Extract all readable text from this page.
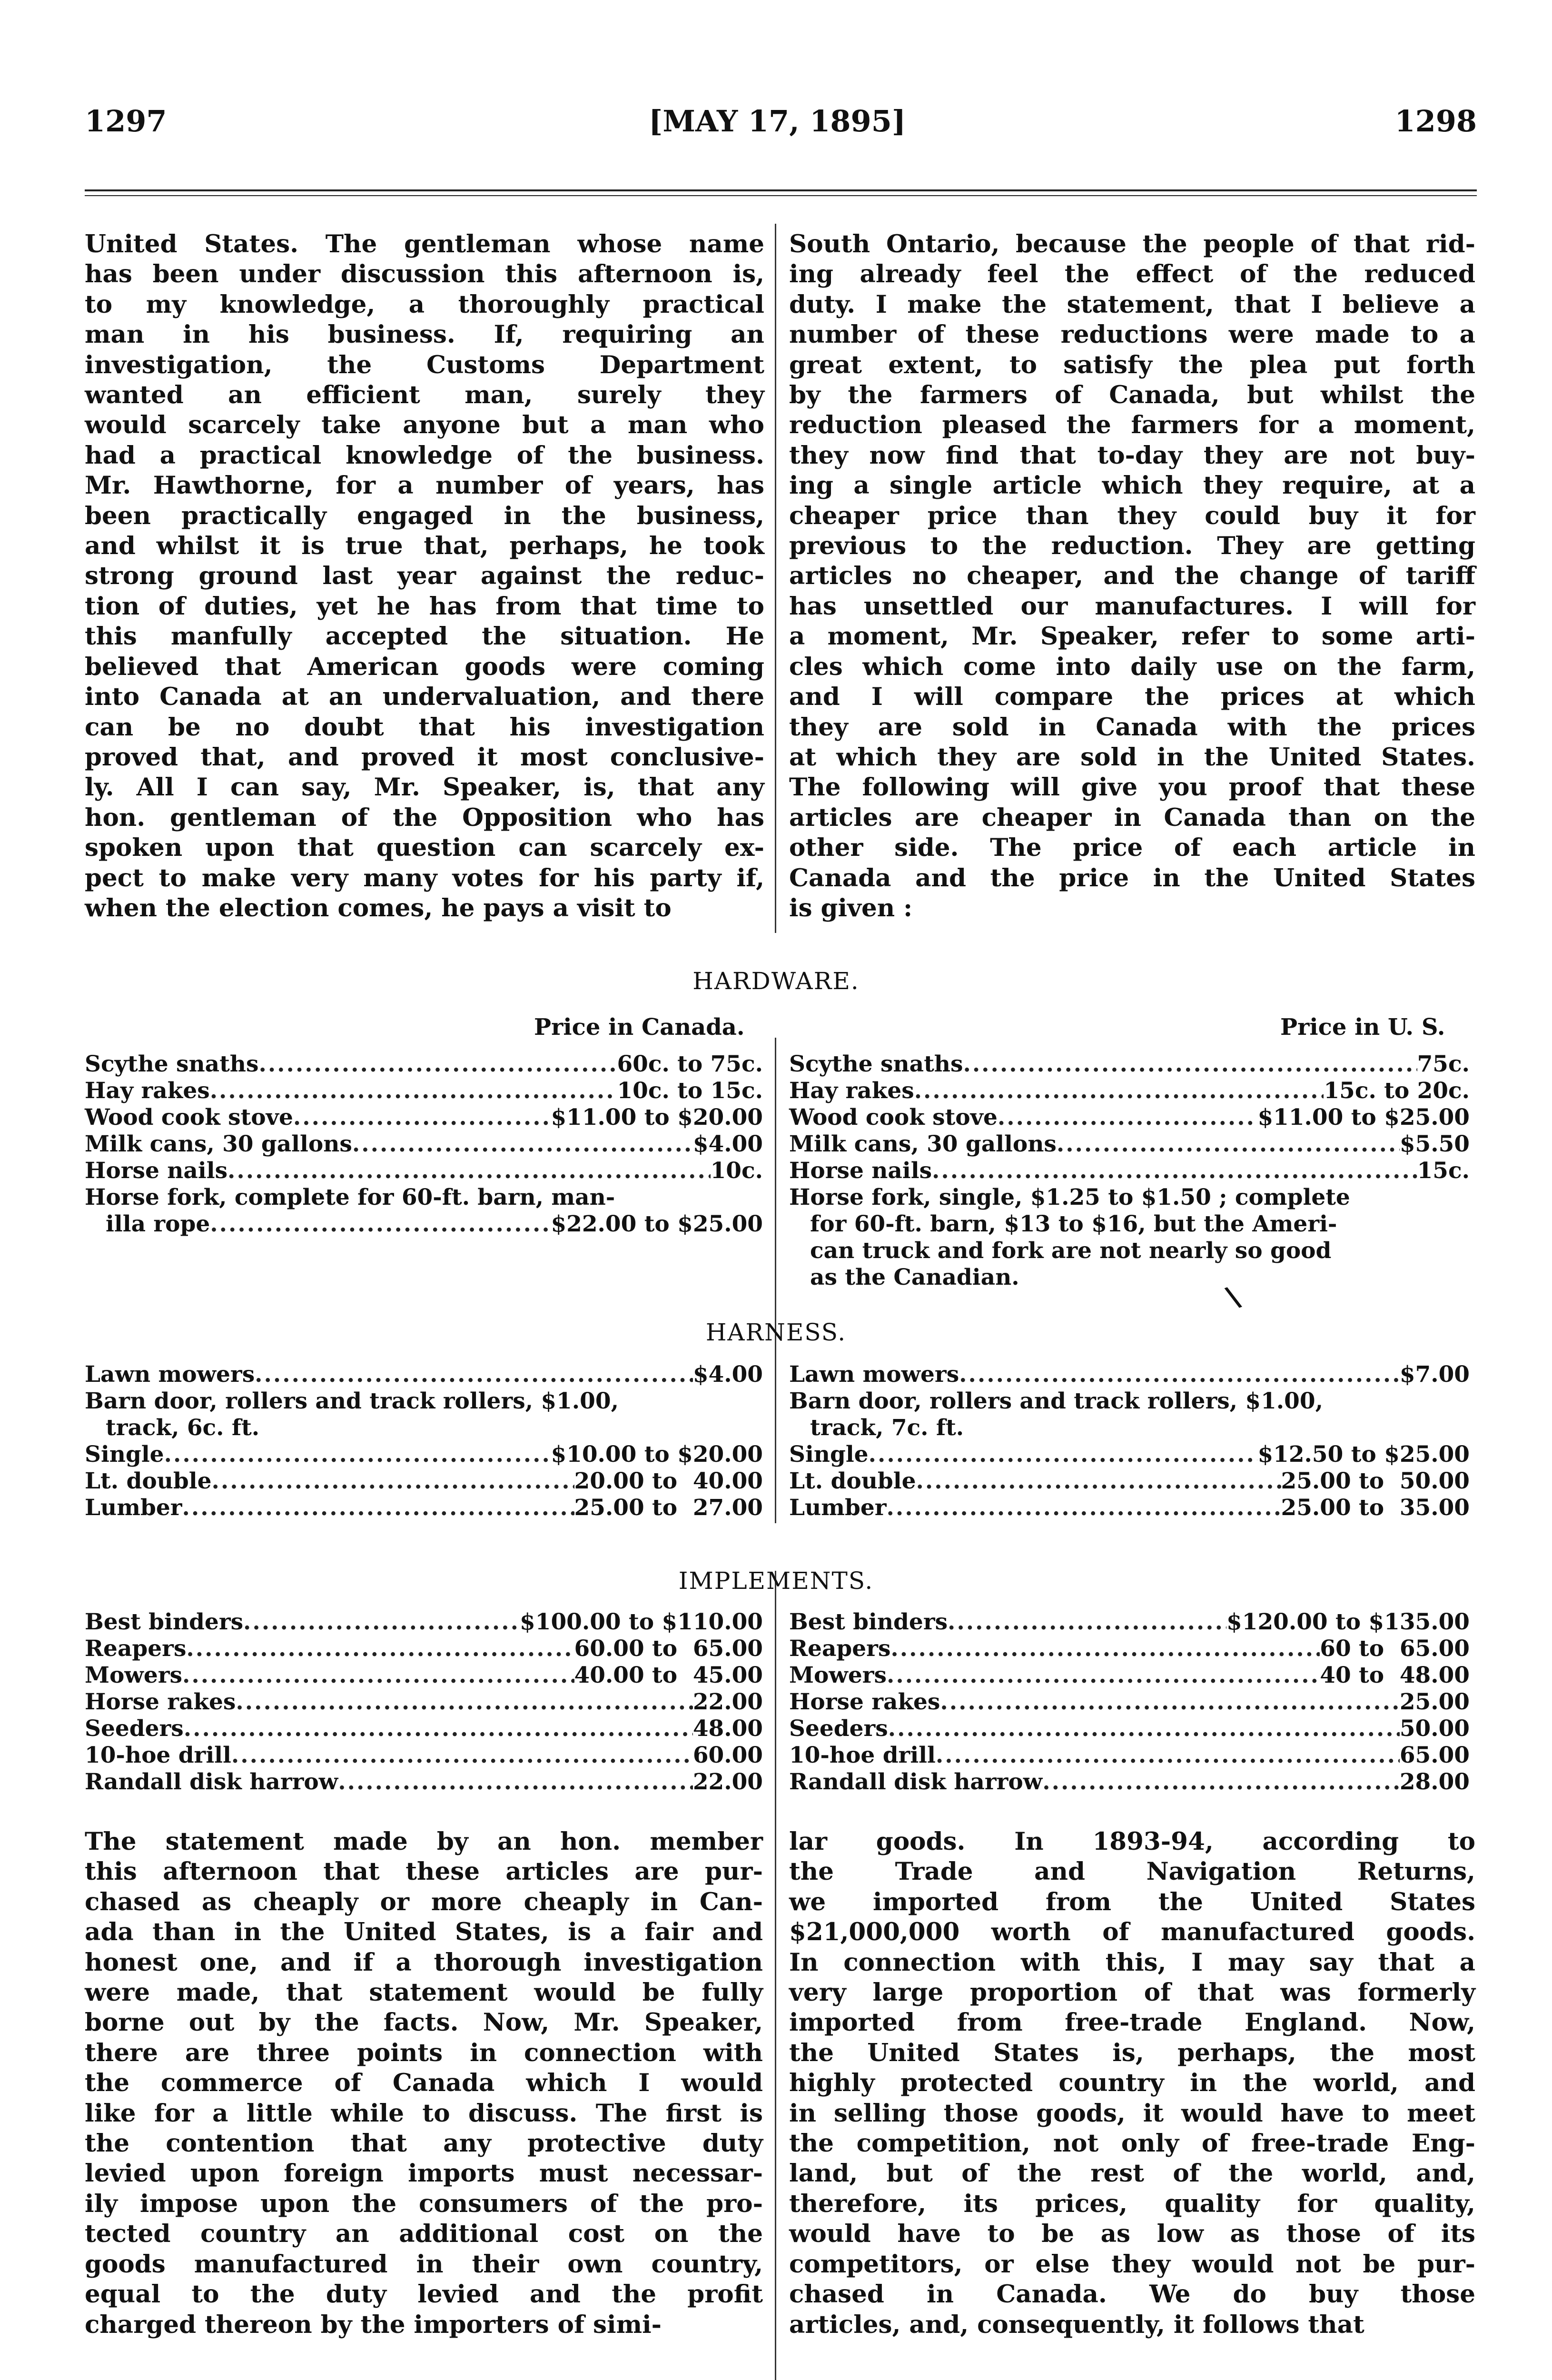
1297	[MAY 17, 1895]	1298
United States. The gentleman whose name
has been under discussion this afternoon is,
to my knowledge, a thoroughly practical
man in his business. If, requiring an
investigation, the Customs Department
wanted an efficient man, surely they
would scarcely take anyone but a man who
had a practical knowledge of the business.
Mr. Hawthorne, for a number of years, has
been practically engaged in the business,
and whilst it is true that, perhaps, he took
strong ground last year against the reduc-
tion of duties, yet he has from that time to
this manfully accepted the situation. He
believed that American goods were coming
into Canada at an undervaluation, and there
can be no doubt that his investigation
proved that, and proved it most conclusive-
ly. All I can say, Mr. Speaker, is, that any
hon. gentleman of the Opposition who has
spoken upon that question can scarcely ex-
pect to make very many votes for his party if,
when the election comes, he pays a visit to
South Ontario, because the people of that rid-
ing already feel the effect of the reduced
duty. I make the statement, that I believe a
number of these reductions were made to a
great extent, to satisfy the plea put forth
by the farmers of Canada, but whilst the
reduction pleased the farmers for a moment,
they now find that to-day they are not buy-
ing a single article which they require, at a
cheaper price than they could buy it for
previous to the reduction. They are getting
articles no cheaper, and the change of tariff
has unsettled our manufactures. I will for
a moment, Mr. Speaker, refer to some arti-
cles which come into daily use on the farm,
and I will compare the prices at which
they are sold in Canada with the prices
at which they are sold in the United States.
The following will give you proof that these
articles are cheaper in Canada than on the
other side. The price of each article in
Canada and the price in the United States
is given :
HARDWARE.
Price in Canada.	Price in U. S.
Scythe snaths .....	60c. to 75c.
Hay rakes .....	10c. to 15c.
Wood cook stove .....	$11.00 to $20.00
Milk cans, 30 gallons .....	$4.00
Horse nails .....	10c.
Horse fork, complete for 60-ft. barn, man-
illa rope .....	$22.00 to $25.00
Scythe snaths .....	75c.
Hay rakes .....	15c. to 20c.
Wood cook stove .....	$11.00 to $25.00
Milk cans, 30 gallons .....	$5.50
Horse nails .....	15c.
Horse fork, single, $1.25 to $1.50 ; complete
for 60-ft. barn, $13 to $16, but the Ameri-
can truck and fork are not nearly so good
as the Canadian.
\
HARNESS.
Lawn mowers .....	$4.00
Barn door, rollers and track rollers, $1.00,
track, 6c. ft.
Single .....	$10.00 to $20.00
Lt. double .....	20.00 to  40.00
Lumber .....	25.00 to  27.00
Lawn mowers .....	$7.00
Barn door, rollers and track rollers, $1.00,
track, 7c. ft.
Single .....	$12.50 to $25.00
Lt. double .....	25.00 to  50.00
Lumber .....	25.00 to  35.00
IMPLEMENTS.
Best binders .....	$100.00 to $110.00
Reapers .....	60.00 to  65.00
Mowers .....	40.00 to  45.00
Horse rakes .....	22.00
Seeders .....	48.00
10-hoe drill .....	60.00
Randall disk harrow .....	22.00
Best binders .....	$120.00 to $135.00
Reapers .....	60 to  65.00
Mowers .....	40 to  48.00
Horse rakes .....	25.00
Seeders .....	50.00
10-hoe drill .....	65.00
Randall disk harrow .....	28.00
The statement made by an hon. member
this afternoon that these articles are pur-
chased as cheaply or more cheaply in Can-
ada than in the United States, is a fair and
honest one, and if a thorough investigation
were made, that statement would be fully
borne out by the facts. Now, Mr. Speaker,
there are three points in connection with
the commerce of Canada which I would
like for a little while to discuss. The first is
the contention that any protective duty
levied upon foreign imports must necessar-
ily impose upon the consumers of the pro-
tected country an additional cost on the
goods manufactured in their own country,
equal to the duty levied and the profit
charged thereon by the importers of simi-
lar goods. In 1893-94, according to
the Trade and Navigation Returns,
we imported from the United States
$21,000,000 worth of manufactured goods.
In connection with this, I may say that a
very large proportion of that was formerly
imported from free-trade England. Now,
the United States is, perhaps, the most
highly protected country in the world, and
in selling those goods, it would have to meet
the competition, not only of free-trade Eng-
land, but of the rest of the world, and,
therefore, its prices, quality for quality,
would have to be as low as those of its
competitors, or else they would not be pur-
chased in Canada. We do buy those
articles, and, consequently, it follows that
